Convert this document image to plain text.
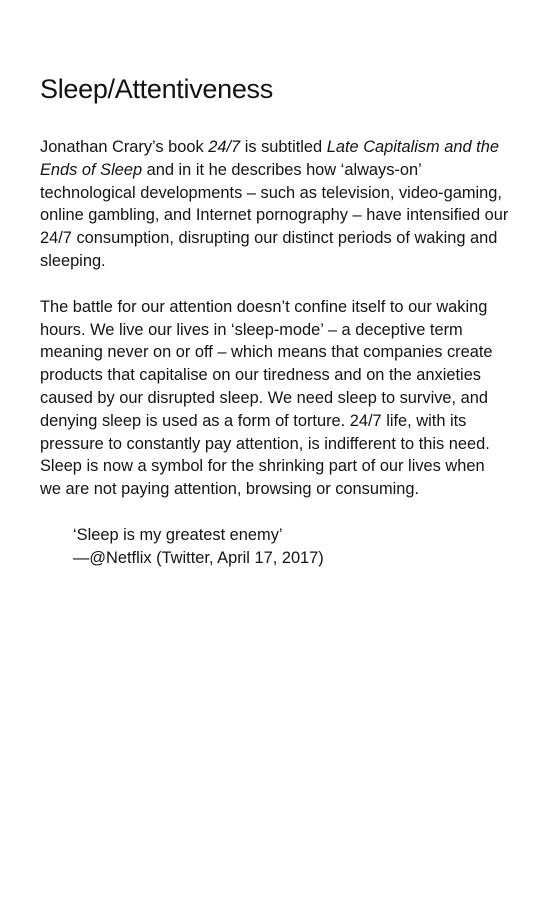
Sleep/Attentiveness

Jonathan Crary’s book 24/7 is subtitled Late Capitalism and the Ends of Sleep and in it he describes how ‘always-on’ technological developments – such as television, video-gaming, online gambling, and Internet pornography – have intensified our 24/7 consumption, disrupting our distinct periods of waking and sleeping.

The battle for our attention doesn’t confine itself to our waking hours. We live our lives in ‘sleep-mode’ – a deceptive term meaning never on or off – which means that companies create products that capitalise on our tiredness and on the anxieties caused by our disrupted sleep. We need sleep to survive, and denying sleep is used as a form of torture. 24/7 life, with its pressure to constantly pay attention, is indifferent to this need. Sleep is now a symbol for the shrinking part of our lives when we are not paying attention, browsing or consuming.

‘Sleep is my greatest enemy’
—@Netflix (Twitter, April 17, 2017)
